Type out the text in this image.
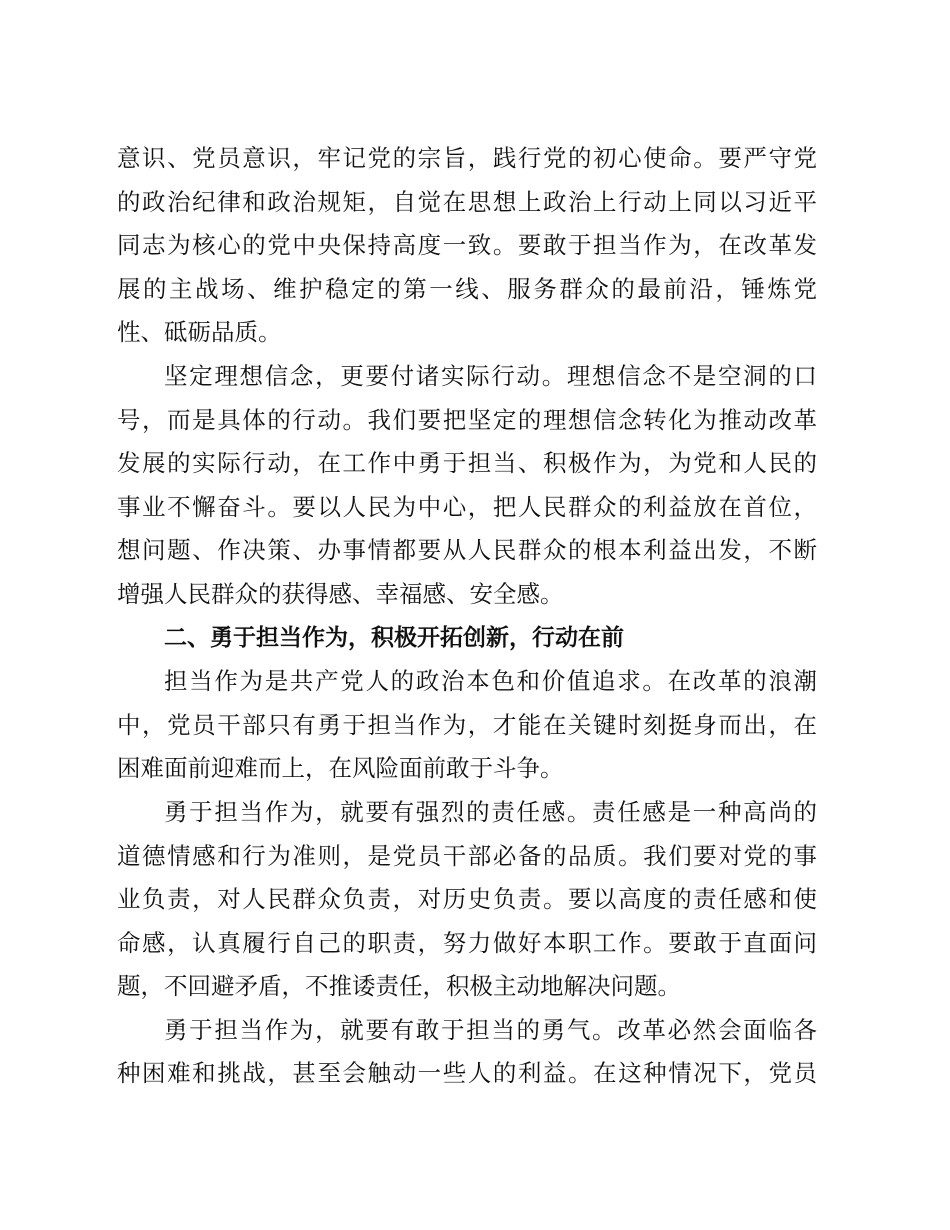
意识、党员意识，牢记党的宗旨，践行党的初心使命。要严守党
的政治纪律和政治规矩，自觉在思想上政治上行动上同以习近平
同志为核心的党中央保持高度一致。要敢于担当作为，在改革发
展的主战场、维护稳定的第一线、服务群众的最前沿，锤炼党
性、砥砺品质。
坚定理想信念，更要付诸实际行动。理想信念不是空洞的口
号，而是具体的行动。我们要把坚定的理想信念转化为推动改革
发展的实际行动，在工作中勇于担当、积极作为，为党和人民的
事业不懈奋斗。要以人民为中心，把人民群众的利益放在首位，
想问题、作决策、办事情都要从人民群众的根本利益出发，不断
增强人民群众的获得感、幸福感、安全感。
二、勇于担当作为，积极开拓创新，行动在前
担当作为是共产党人的政治本色和价值追求。在改革的浪潮
中，党员干部只有勇于担当作为，才能在关键时刻挺身而出，在
困难面前迎难而上，在风险面前敢于斗争。
勇于担当作为，就要有强烈的责任感。责任感是一种高尚的
道德情感和行为准则，是党员干部必备的品质。我们要对党的事
业负责，对人民群众负责，对历史负责。要以高度的责任感和使
命感，认真履行自己的职责，努力做好本职工作。要敢于直面问
题，不回避矛盾，不推诿责任，积极主动地解决问题。
勇于担当作为，就要有敢于担当的勇气。改革必然会面临各
种困难和挑战，甚至会触动一些人的利益。在这种情况下，党员
